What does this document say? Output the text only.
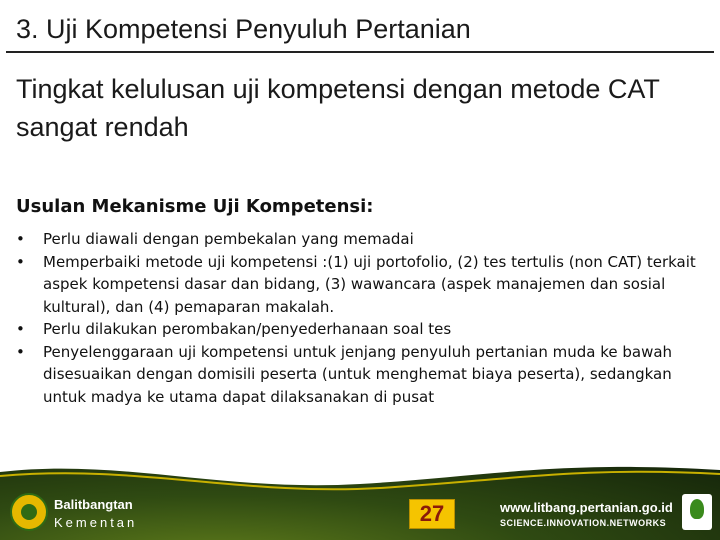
3. Uji Kompetensi Penyuluh Pertanian
Tingkat kelulusan uji kompetensi dengan metode CAT sangat rendah
Usulan Mekanisme Uji Kompetensi:
• Perlu diawali dengan pembekalan yang memadai
• Memperbaiki metode uji kompetensi :(1) uji portofolio, (2) tes tertulis (non CAT) terkait aspek kompetensi dasar dan bidang, (3) wawancara (aspek manajemen dan sosial kultural), dan (4) pemaparan makalah.
• Perlu dilakukan perombakan/penyederhanaan soal tes
• Penyelenggaraan uji kompetensi untuk jenjang penyuluh pertanian muda ke bawah disesuaikan dengan domisili peserta (untuk menghemat biaya peserta), sedangkan untuk madya ke utama dapat dilaksanakan di pusat
Balitbangtan
Kementan	27	www.litbang.pertanian.go.id
SCIENCE.INNOVATION.NETWORKS
